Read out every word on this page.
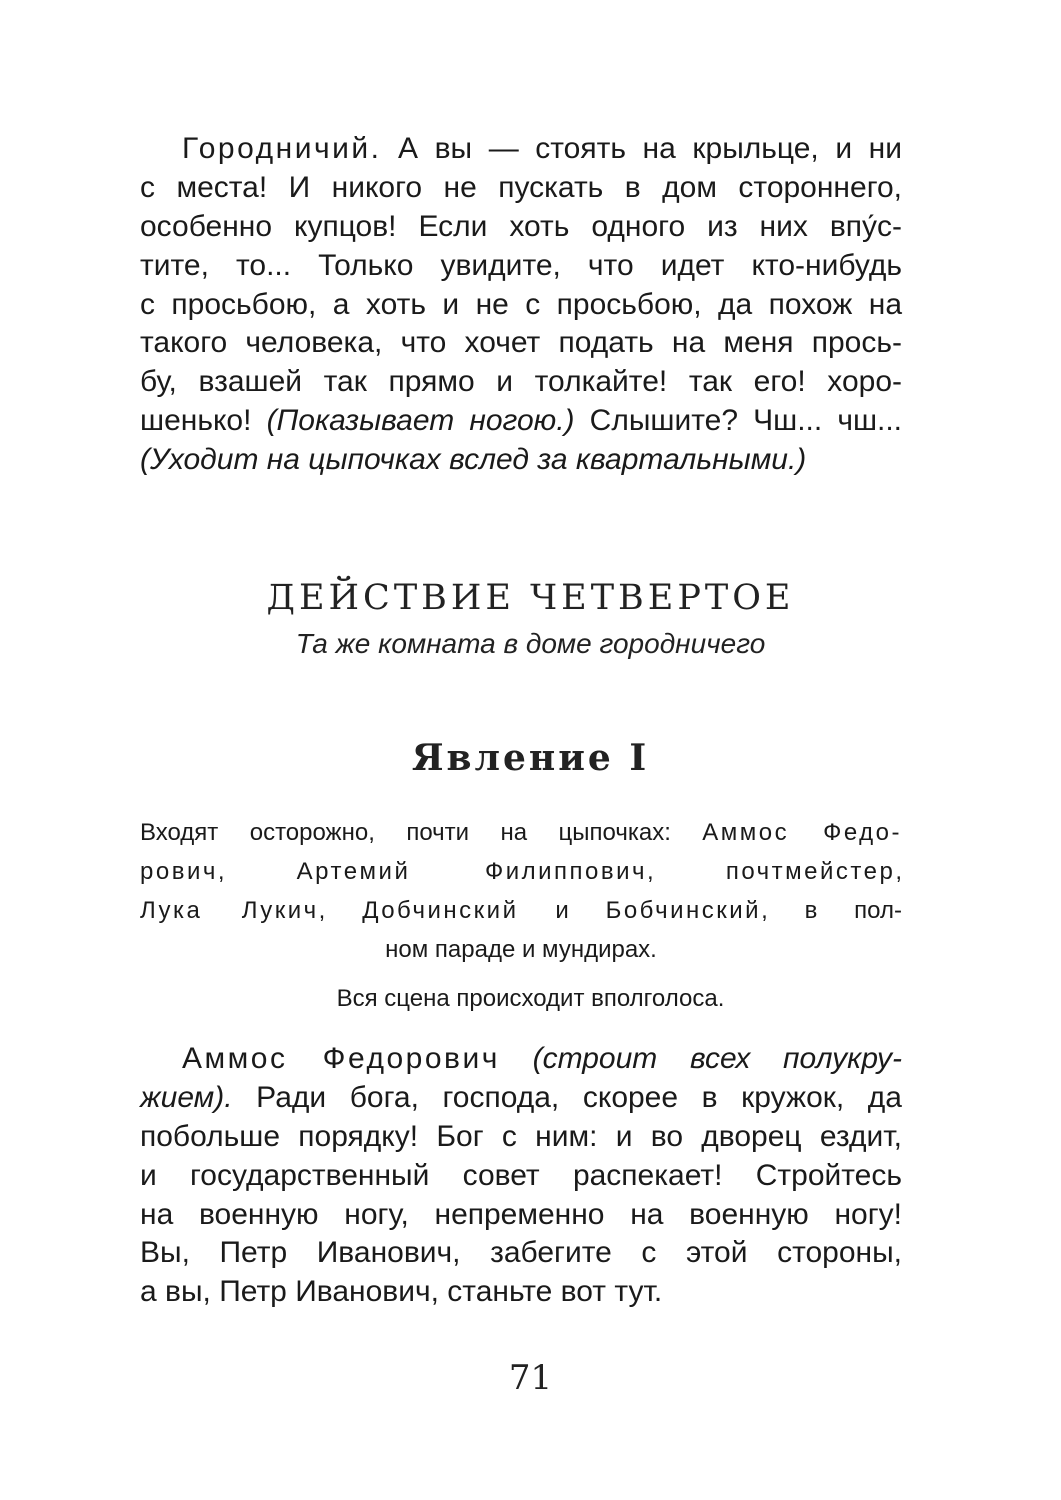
Городничий. А вы — стоять на крыльце, и ни
с места! И никого не пускать в дом стороннего,
особенно купцов! Если хоть одного из них впу́с-
тите, то... Только увидите, что идет кто-нибудь
с просьбою, а хоть и не с просьбою, да похож на
такого человека, что хочет подать на меня прось-
бу, взашей так прямо и толкайте! так его! хоро-
шенько! (Показывает ногою.) Слышите? Чш... чш...
(Уходит на цыпочках вслед за квартальными.)
ДЕЙСТВИЕ ЧЕТВЕРТОЕ
Та же комната в доме городничего
Явление I
Входят осторожно, почти на цыпочках: Аммос Федо-
рович, Артемий Филиппович, почтмейстер,
Лука Лукич, Добчинский и Бобчинский, в пол-
ном параде и мундирах.
Вся сцена происходит вполголоса.
Аммос Федорович (строит всех полукру-
жием). Ради бога, господа, скорее в кружок, да
побольше порядку! Бог с ним: и во дворец ездит,
и государственный совет распекает! Стройтесь
на военную ногу, непременно на военную ногу!
Вы, Петр Иванович, забегите с этой стороны,
а вы, Петр Иванович, станьте вот тут.
71
